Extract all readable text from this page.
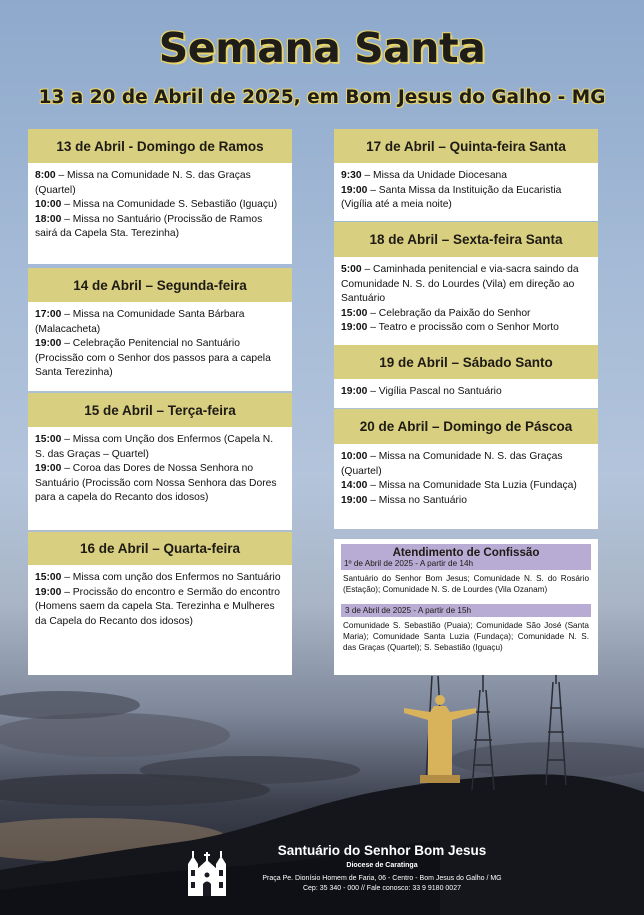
Semana Santa
13 a 20 de Abril de 2025, em Bom Jesus do Galho - MG
13 de Abril - Domingo de Ramos
8:00 – Missa na Comunidade N. S. das Graças (Quartel)
10:00 – Missa na Comunidade S. Sebastião (Iguaçu)
18:00 – Missa no Santuário (Procissão de Ramos sairá da Capela Sta. Terezinha)
14 de Abril – Segunda-feira
17:00 – Missa na Comunidade Santa Bárbara (Malacacheta)
19:00 – Celebração Penitencial no Santuário (Procissão com o Senhor dos passos para a capela Santa Terezinha)
15 de Abril – Terça-feira
15:00 – Missa com Unção dos Enfermos (Capela N. S. das Graças – Quartel)
19:00 – Coroa das Dores de Nossa Senhora no Santuário (Procissão com Nossa Senhora das Dores para a capela do Recanto dos idosos)
16 de Abril – Quarta-feira
15:00 – Missa com unção dos Enfermos no Santuário
19:00 – Procissão do encontro e Sermão do encontro (Homens saem da capela Sta. Terezinha e Mulheres da Capela do Recanto dos idosos)
17 de Abril – Quinta-feira Santa
9:30 – Missa da Unidade Diocesana
19:00 – Santa Missa da Instituição da Eucaristia (Vigília até a meia noite)
18 de Abril – Sexta-feira Santa
5:00 – Caminhada penitencial e via-sacra saindo da Comunidade N. S. do Lourdes (Vila) em direção ao Santuário
15:00 – Celebração da Paixão do Senhor
19:00 – Teatro e procissão com o Senhor Morto
19 de Abril – Sábado Santo
19:00 – Vigília Pascal no Santuário
20 de Abril – Domingo de Páscoa
10:00 – Missa na Comunidade N. S. das Graças (Quartel)
14:00 – Missa na Comunidade Sta Luzia (Fundaça)
19:00 – Missa no Santuário
Atendimento de Confissão
1º de Abril de 2025 - A partir de 14h
Santuário do Senhor Bom Jesus; Comunidade N. S. do Rosário (Estação); Comunidade N. S. de Lourdes (Vila Ozanam)
3 de Abril de 2025 - A partir de 15h
Comunidade S. Sebastião (Puaia); Comunidade São José (Santa Maria); Comunidade Santa Luzia (Fundaça); Comunidade N. S. das Graças (Quartel); S. Sebastião (Iguaçu)
Santuário do Senhor Bom Jesus
Diocese de Caratinga
Praça Pe. Dionísio Homem de Faria, 06 - Centro - Bom Jesus do Galho / MG
Cep: 35 340 - 000 // Fale conosco: 33 9 9180 0027
